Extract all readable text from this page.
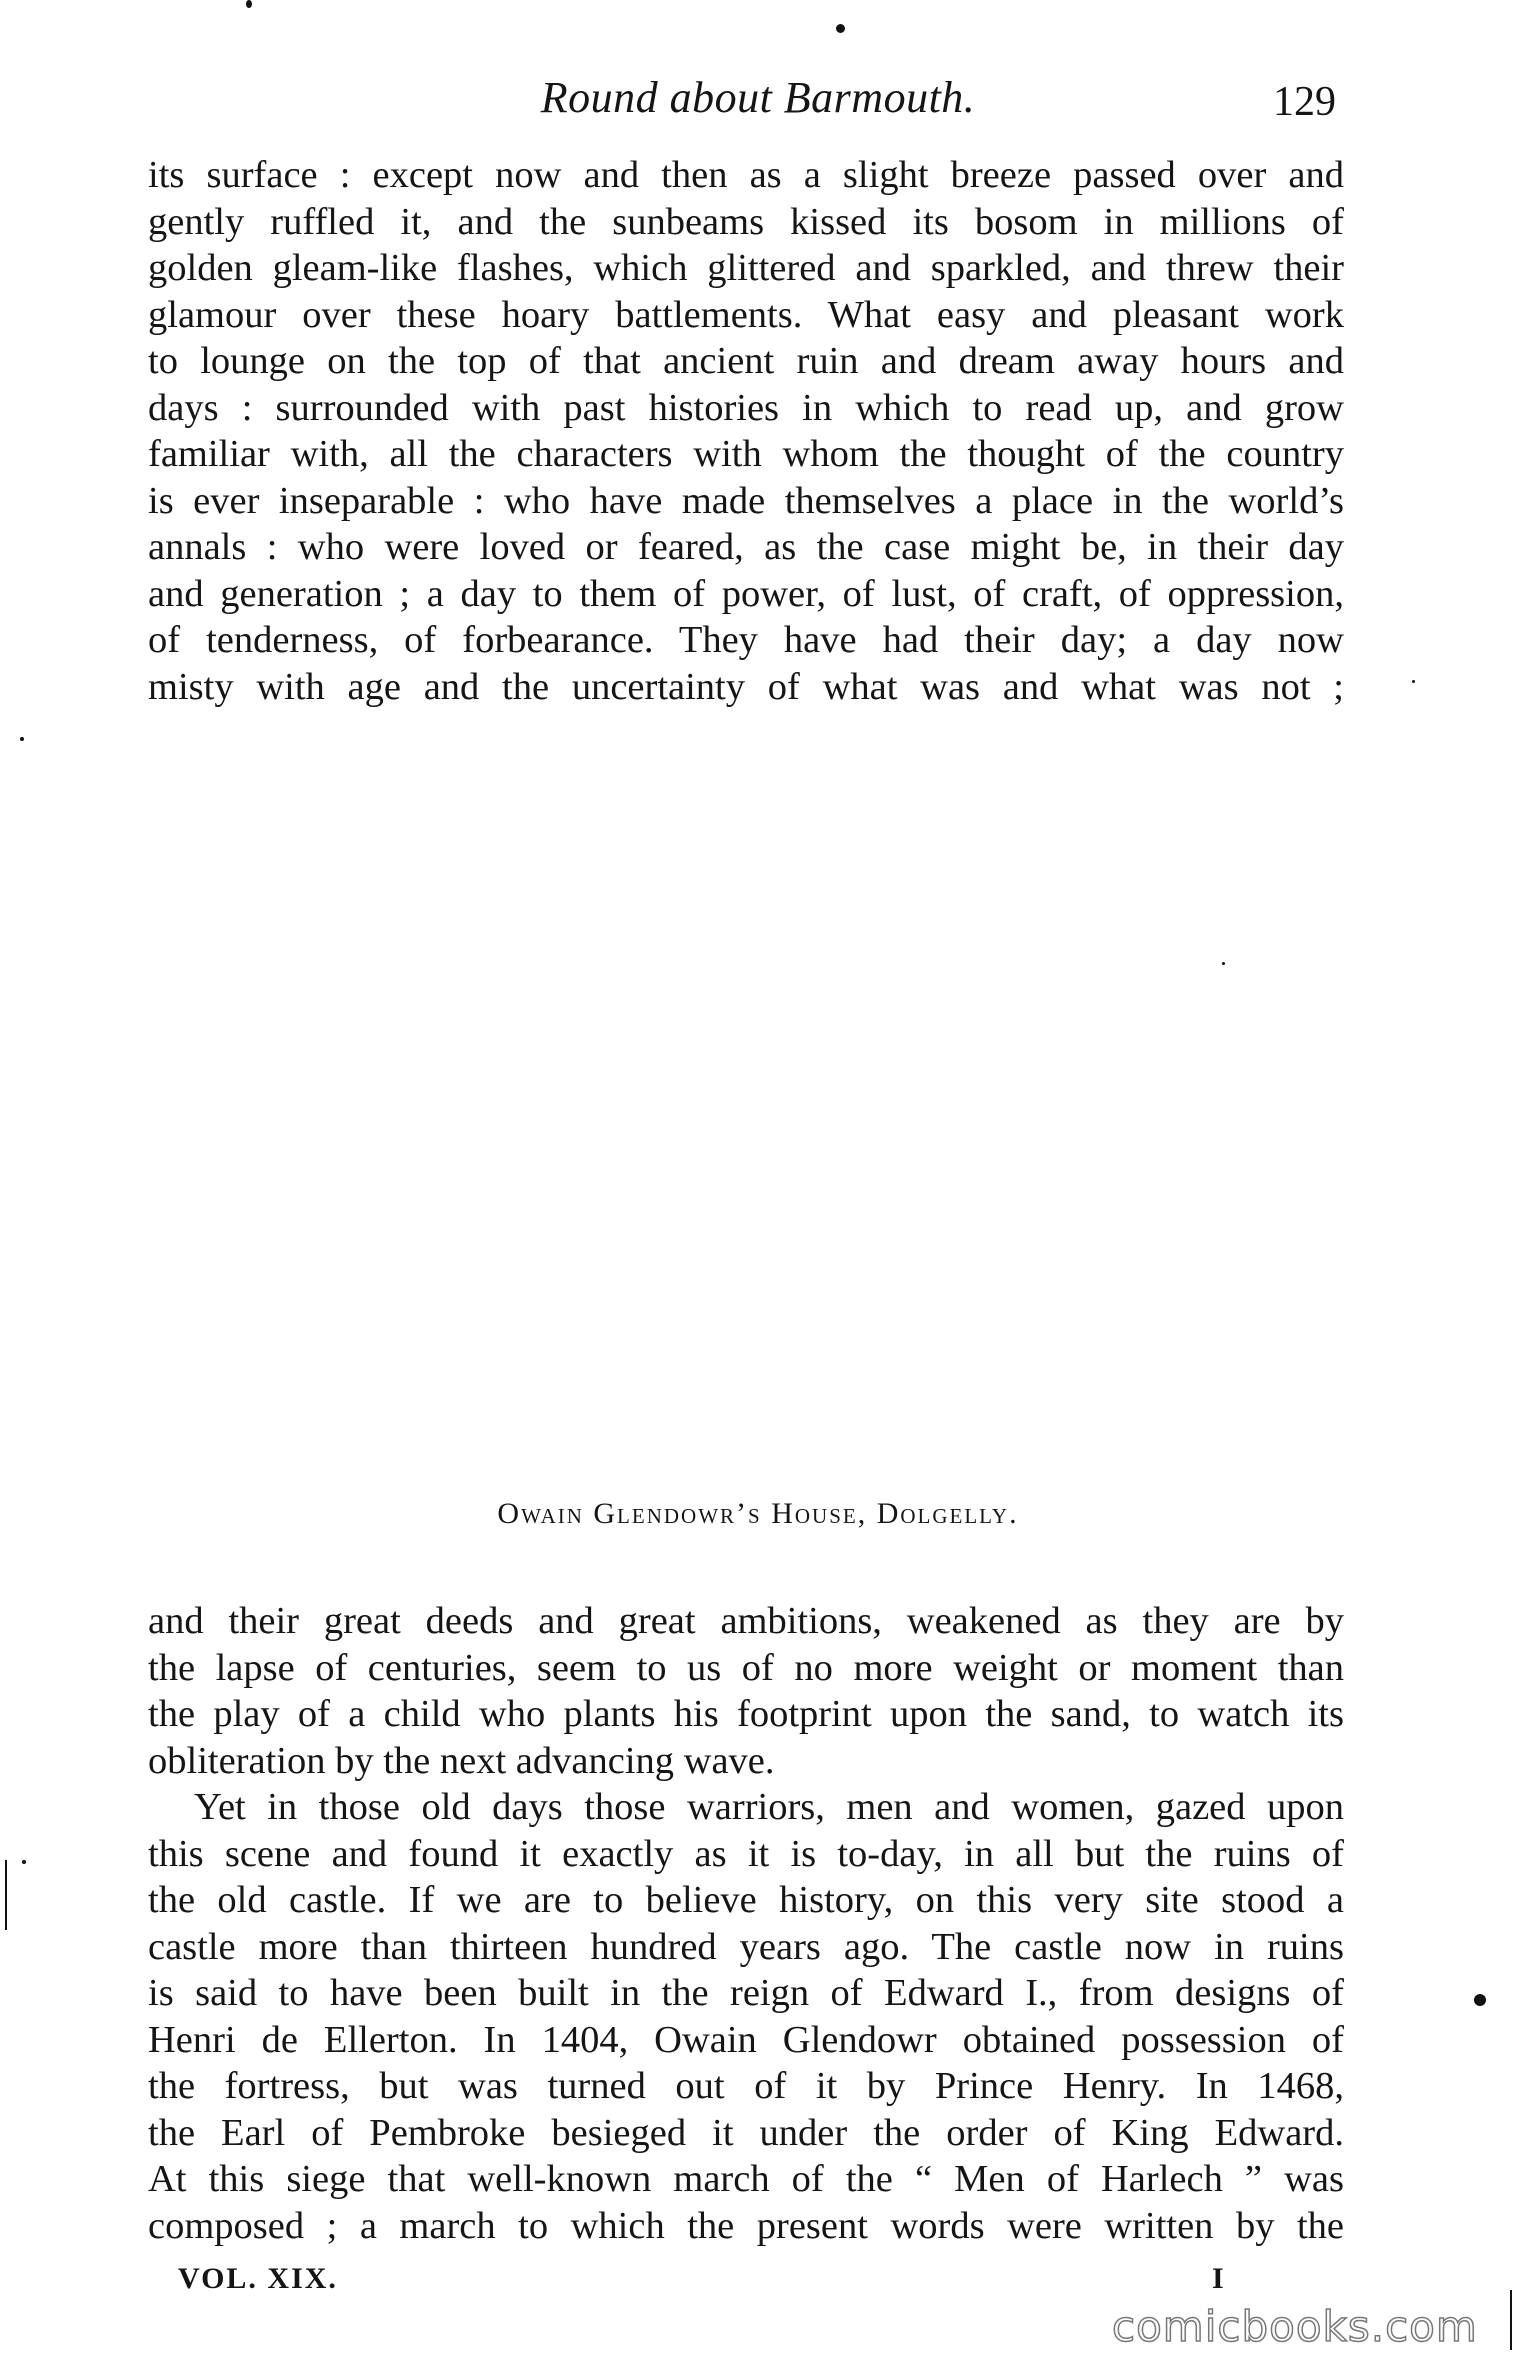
Round about Barmouth.	129
its surface : except now and then as a slight breeze passed over and
gently ruffled it, and the sunbeams kissed its bosom in millions of
golden gleam-like flashes, which glittered and sparkled, and threw their
glamour over these hoary battlements. What easy and pleasant work
to lounge on the top of that ancient ruin and dream away hours and
days : surrounded with past histories in which to read up, and grow
familiar with, all the characters with whom the thought of the country
is ever inseparable : who have made themselves a place in the world’s
annals : who were loved or feared, as the case might be, in their day
and generation ; a day to them of power, of lust, of craft, of oppression,
of tenderness, of forbearance. They have had their day; a day now
misty with age and the uncertainty of what was and what was not ;
Owain Glendowr’s House, Dolgelly.
and their great deeds and great ambitions, weakened as they are by
the lapse of centuries, seem to us of no more weight or moment than
the play of a child who plants his footprint upon the sand, to watch its
obliteration by the next advancing wave.
Yet in those old days those warriors, men and women, gazed upon
this scene and found it exactly as it is to-day, in all but the ruins of
the old castle. If we are to believe history, on this very site stood a
castle more than thirteen hundred years ago. The castle now in ruins
is said to have been built in the reign of Edward I., from designs of
Henri de Ellerton. In 1404, Owain Glendowr obtained possession of
the fortress, but was turned out of it by Prince Henry. In 1468,
the Earl of Pembroke besieged it under the order of King Edward.
At this siege that well-known march of the “ Men of Harlech ” was
composed ; a march to which the present words were written by the
VOL. XIX.	I
comicbooks.com
